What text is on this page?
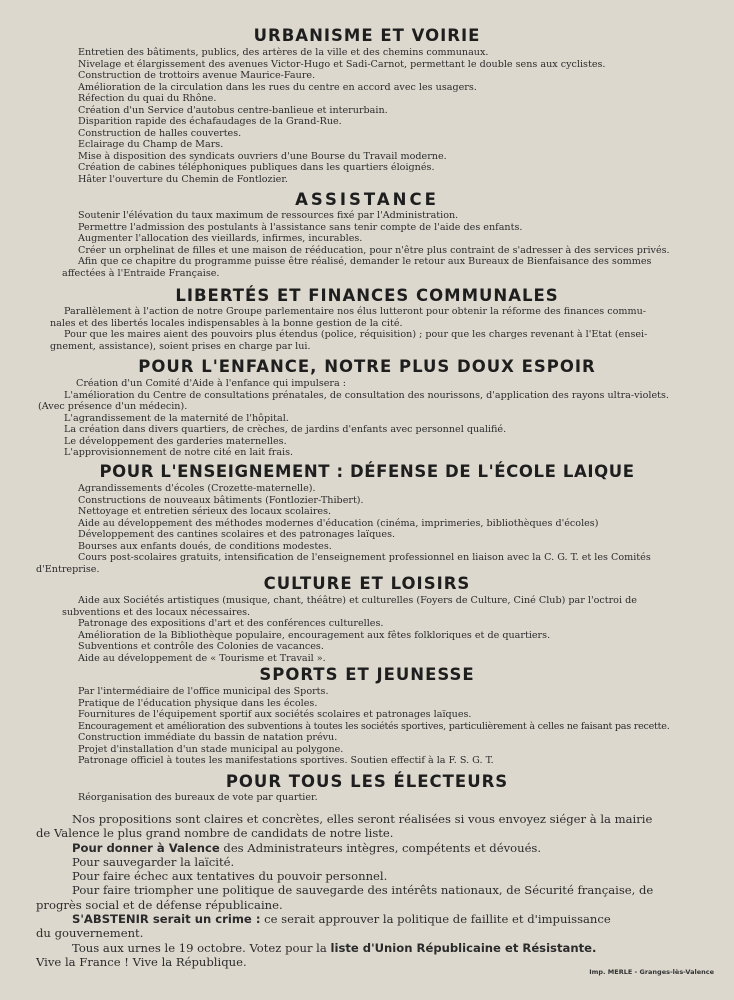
URBANISME ET VOIRIE

Entretien des bâtiments, publics, des artères de la ville et des chemins communaux.

Nivelage et élargissement des avenues Victor-Hugo et Sadi-Carnot, permettant le double sens aux cyclistes.

Construction de trottoirs avenue Maurice-Faure.

Amélioration de la circulation dans les rues du centre en accord avec les usagers.

Réfection du quai du Rhône.

Création d'un Service d'autobus centre-banlieue et interurbain.

Disparition rapide des échafaudages de la Grand-Rue.

Construction de halles couvertes.

Eclairage du Champ de Mars.

Mise à disposition des syndicats ouvriers d'une Bourse du Travail moderne.

Création de cabines téléphoniques publiques dans les quartiers éloignés.

Hâter l'ouverture du Chemin de Fontlozier.

ASSISTANCE

Soutenir l'élévation du taux maximum de ressources fixé par l'Administration.

Permettre l'admission des postulants à l'assistance sans tenir compte de l'aide des enfants.

Augmenter l'allocation des vieillards, infirmes, incurables.

Créer un orphelinat de filles et une maison de rééducation, pour n'être plus contraint de s'adresser à des services privés.

Afin que ce chapitre du programme puisse être réalisé, demander le retour aux Bureaux de Bienfaisance des sommes

affectées à l'Entraide Française.

LIBERTÉS ET FINANCES COMMUNALES

Parallèlement à l'action de notre Groupe parlementaire nos élus lutteront pour obtenir la réforme des finances commu-

nales et des libertés locales indispensables à la bonne gestion de la cité.

Pour que les maires aient des pouvoirs plus étendus (police, réquisition) ; pour que les charges revenant à l'Etat (ensei-

gnement, assistance), soient prises en charge par lui.

POUR L'ENFANCE, NOTRE PLUS DOUX ESPOIR

Création d'un Comité d'Aide à l'enfance qui impulsera :

L'amélioration du Centre de consultations prénatales, de consultation des nourissons, d'application des rayons ultra-violets.

(Avec présence d'un médecin).

L'agrandissement de la maternité de l'hôpital.

La création dans divers quartiers, de crèches, de jardins d'enfants avec personnel qualifié.

Le développement des garderies maternelles.

L'approvisionnement de notre cité en lait frais.

POUR L'ENSEIGNEMENT : DÉFENSE DE L'ÉCOLE LAIQUE

Agrandissements d'écoles (Crozette-maternelle).

Constructions de nouveaux bâtiments (Fontlozier-Thibert).

Nettoyage et entretien sérieux des locaux scolaires.

Aide au développement des méthodes modernes d'éducation (cinéma, imprimeries, bibliothèques d'écoles)

Développement des cantines scolaires et des patronages laïques.

Bourses aux enfants doués, de conditions modestes.

Cours post-scolaires gratuits, intensification de l'enseignement professionnel en liaison avec la C. G. T. et les Comités

d'Entreprise.

CULTURE ET LOISIRS

Aide aux Sociétés artistiques (musique, chant, théâtre) et culturelles (Foyers de Culture, Ciné Club) par l'octroi de

subventions et des locaux nécessaires.

Patronage des expositions d'art et des conférences culturelles.

Amélioration de la Bibliothèque populaire, encouragement aux fêtes folkloriques et de quartiers.

Subventions et contrôle des Colonies de vacances.

Aide au développement de « Tourisme et Travail ».

SPORTS ET JEUNESSE

Par l'intermédiaire de l'office municipal des Sports.

Pratique de l'éducation physique dans les écoles.

Fournitures de l'équipement sportif aux sociétés scolaires et patronages laïques.

Encouragement et amélioration des subventions à toutes les sociétés sportives, particulièrement à celles ne faisant pas recette.

Construction immédiate du bassin de natation prévu.

Projet d'installation d'un stade municipal au polygone.

Patronage officiel à toutes les manifestations sportives. Soutien effectif à la F. S. G. T.

POUR TOUS LES ÉLECTEURS

Réorganisation des bureaux de vote par quartier.

Nos propositions sont claires et concrètes, elles seront réalisées si vous envoyez siéger à la mairie

de Valence le plus grand nombre de candidats de notre liste.

Pour donner à Valence des Administrateurs intègres, compétents et dévoués.

Pour sauvegarder la laïcité.

Pour faire échec aux tentatives du pouvoir personnel.

Pour faire triompher une politique de sauvegarde des intérêts nationaux, de Sécurité française, de

progrès social et de défense républicaine.

S'ABSTENIR serait un crime : ce serait approuver la politique de faillite et d'impuissance

du gouvernement.

Tous aux urnes le 19 octobre. Votez pour la liste d'Union Républicaine et Résistante.

Vive la France ! Vive la République.

Imp. MERLE - Granges-lès-Valence
